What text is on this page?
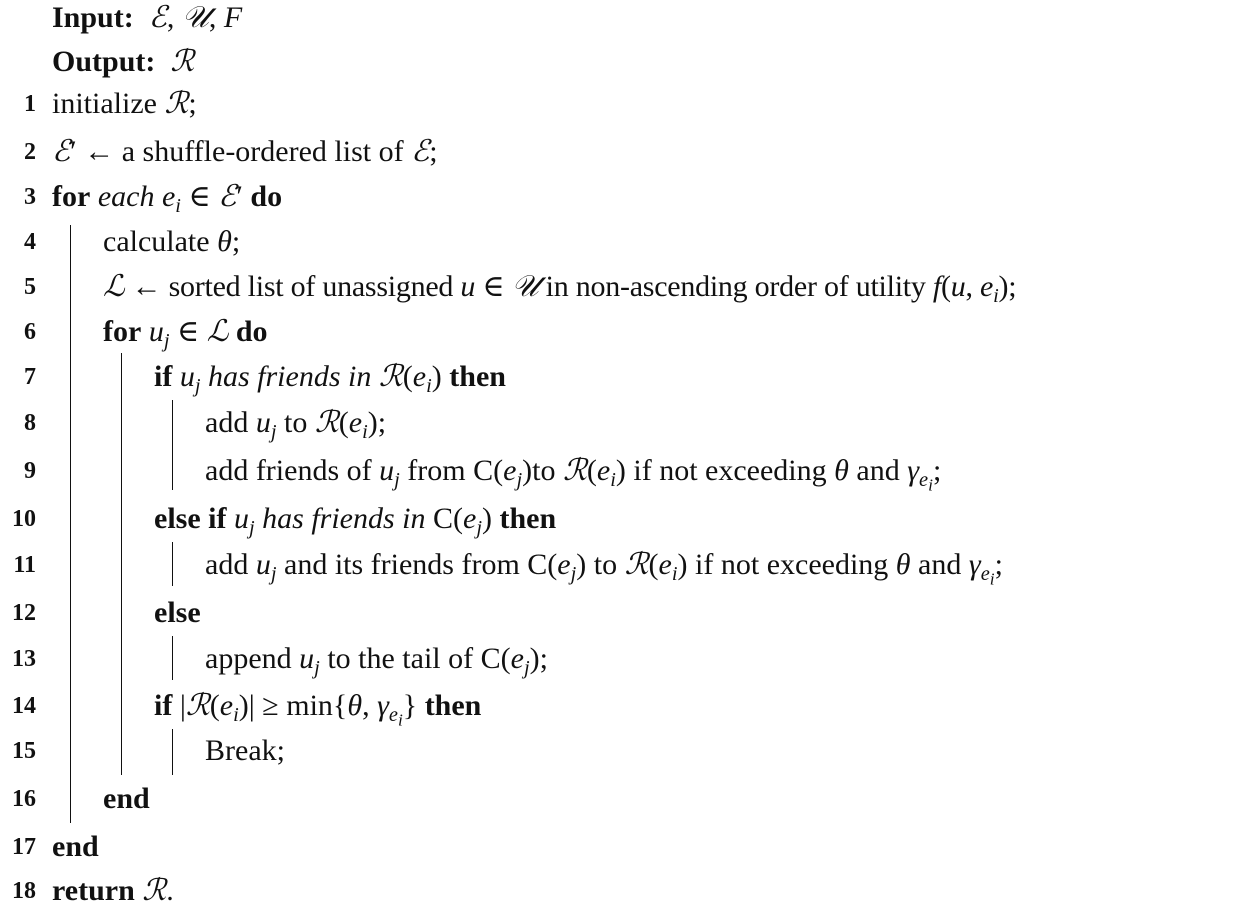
Input: ℰ, 𝒰, F
Output: ℛ
1 initialize ℛ;
2 ℰ′ ← a shuffle-ordered list of ℰ;
3 for each $e_i$ ∈ ℰ′ do
4 calculate θ;
5 ℒ ← sorted list of unassigned u ∈ 𝒰 in non-ascending order of utility f(u, $e_i$);
6 for $u_j$ ∈ ℒ do
7	if $u_j$ has friends in $ℛ(e_i)$ then
8	add $u_j$ to $ℛ(e_i)$;
9	add friends of $u_j$ from $C(e_j)to$ $ℛ(e_i)$ if not exceeding θ and $\gamma_{e_i}$;
10	else if $u_j$ has friends in $C(e_j)$ then
11	add $u_j$ and its friends from $C(e_j)$ to $ℛ(e_i)$ if not exceeding θ and $\gamma_{e_i}$;
12	else
13	append $u_j$ to the tail of $C(e_j)$;
14	if $|ℛ(e_i)| \ge \min\{\theta$, $\gamma_{e_i}$} then
15	Break;
16 end
17 end
18 return ℛ.
